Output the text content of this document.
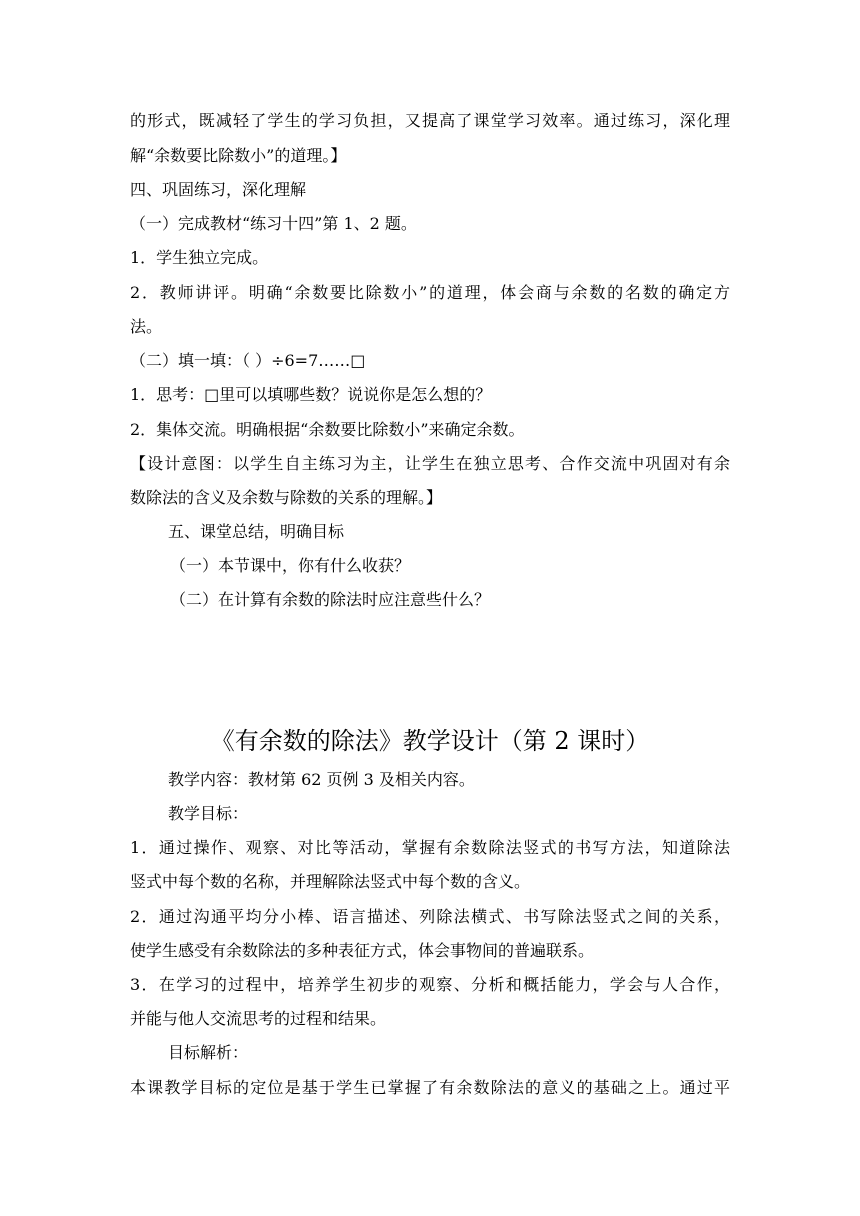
的形式，既减轻了学生的学习负担，又提高了课堂学习效率。通过练习，深化理
解“余数要比除数小”的道理。】
四、巩固练习，深化理解
（一）完成教材“练习十四”第 1、2 题。
1．学生独立完成。
2．教师讲评。明确“余数要比除数小”的道理，体会商与余数的名数的确定方
法。
（二）填一填：（ ）÷6=7……□
1．思考：□里可以填哪些数？说说你是怎么想的？
2．集体交流。明确根据“余数要比除数小”来确定余数。
【设计意图：以学生自主练习为主，让学生在独立思考、合作交流中巩固对有余
数除法的含义及余数与除数的关系的理解。】
五、课堂总结，明确目标
（一）本节课中，你有什么收获？
（二）在计算有余数的除法时应注意些什么？
《有余数的除法》教学设计（第 2 课时）
教学内容：教材第 62 页例 3 及相关内容。
教学目标：
1．通过操作、观察、对比等活动，掌握有余数除法竖式的书写方法，知道除法
竖式中每个数的名称，并理解除法竖式中每个数的含义。
2．通过沟通平均分小棒、语言描述、列除法横式、书写除法竖式之间的关系，
使学生感受有余数除法的多种表征方式，体会事物间的普遍联系。
3．在学习的过程中，培养学生初步的观察、分析和概括能力，学会与人合作，
并能与他人交流思考的过程和结果。
目标解析：
本课教学目标的定位是基于学生已掌握了有余数除法的意义的基础之上。通过平
